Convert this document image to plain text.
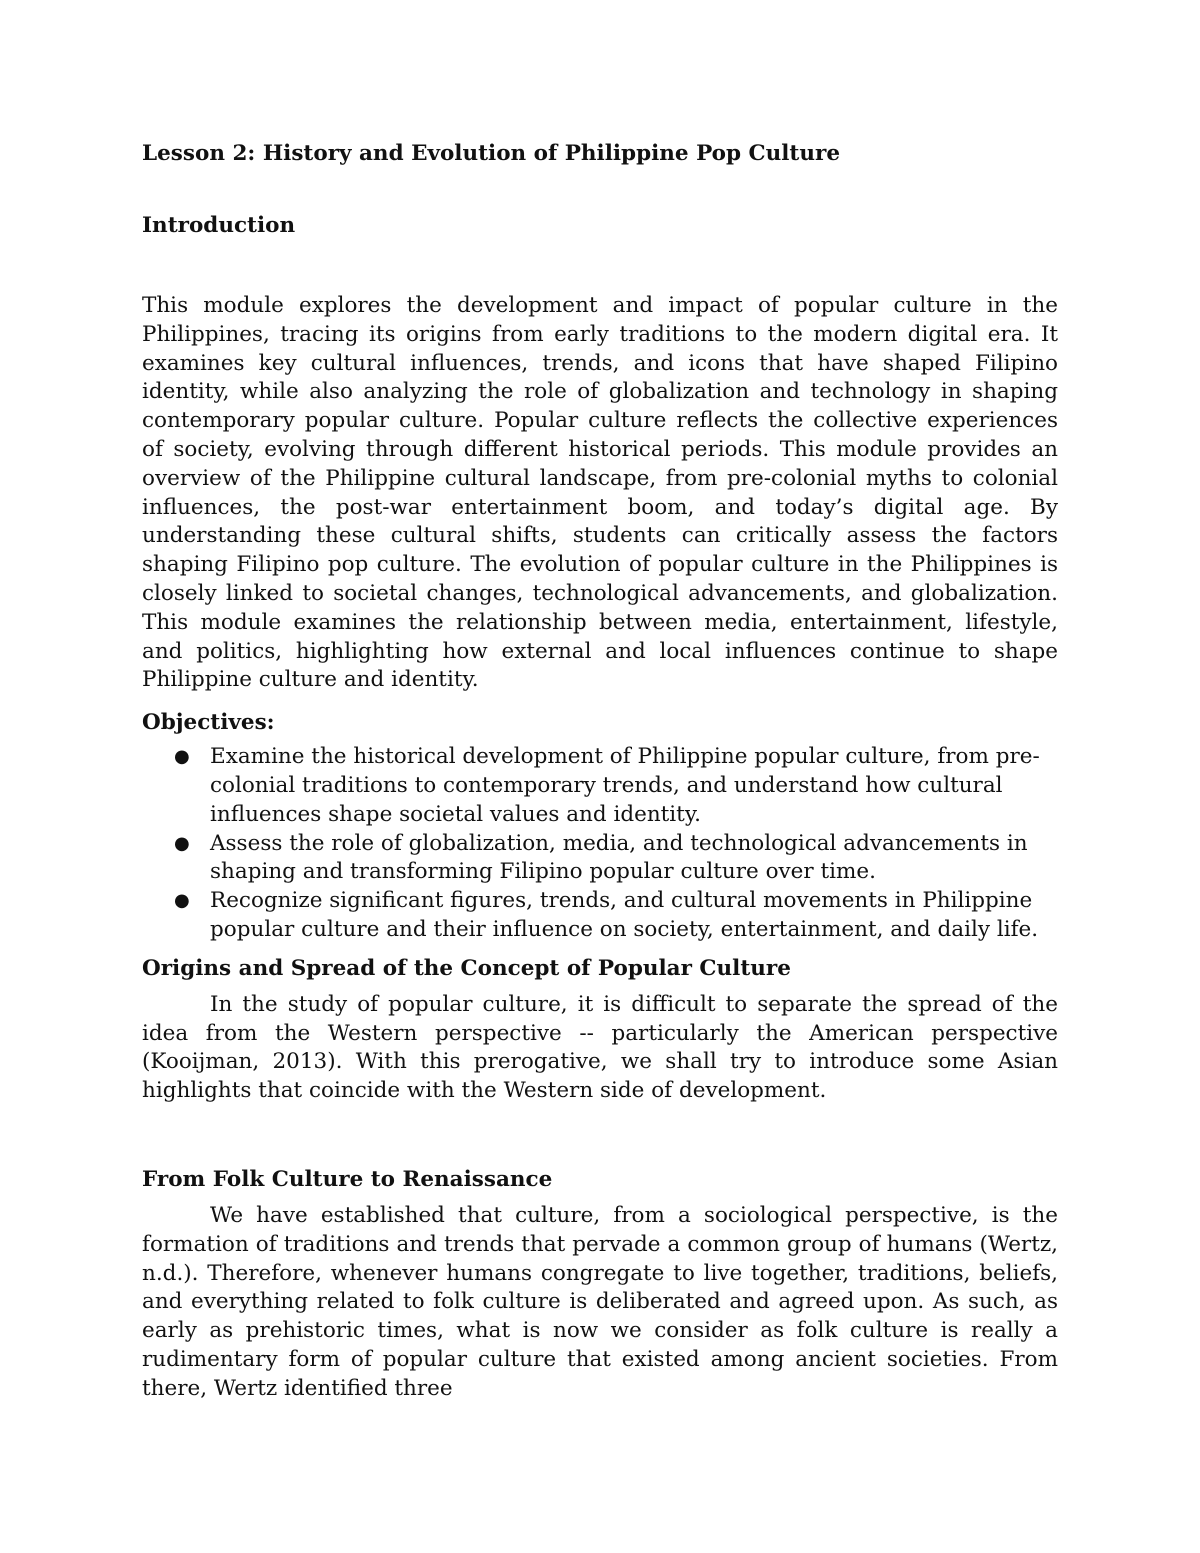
Lesson 2: History and Evolution of Philippine Pop Culture
Introduction

This module explores the development and impact of popular culture in the Philippines, tracing its origins from early traditions to the modern digital era. It examines key cultural influences, trends, and icons that have shaped Filipino identity, while also analyzing the role of globalization and technology in shaping contemporary popular culture. Popular culture reflects the collective experiences of society, evolving through different historical periods. This module provides an overview of the Philippine cultural landscape, from pre-colonial myths to colonial influences, the post-war entertainment boom, and today’s digital age. By understanding these cultural shifts, students can critically assess the factors shaping Filipino pop culture. The evolution of popular culture in the Philippines is closely linked to societal changes, technological advancements, and globalization. This module examines the relationship between media, entertainment, lifestyle, and politics, highlighting how external and local influences continue to shape Philippine culture and identity.

Objectives:
● Examine the historical development of Philippine popular culture, from pre-colonial traditions to contemporary trends, and understand how cultural influences shape societal values and identity.
● Assess the role of globalization, media, and technological advancements in shaping and transforming Filipino popular culture over time.
● Recognize significant figures, trends, and cultural movements in Philippine popular culture and their influence on society, entertainment, and daily life.
Origins and Spread of the Concept of Popular Culture

In the study of popular culture, it is difficult to separate the spread of the idea from the Western perspective -- particularly the American perspective (Kooijman, 2013). With this prerogative, we shall try to introduce some Asian highlights that coincide with the Western side of development.

From Folk Culture to Renaissance

We have established that culture, from a sociological perspective, is the formation of traditions and trends that pervade a common group of humans (Wertz, n.d.). Therefore, whenever humans congregate to live together, traditions, beliefs, and everything related to folk culture is deliberated and agreed upon. As such, as early as prehistoric times, what is now we consider as folk culture is really a rudimentary form of popular culture that existed among ancient societies. From there, Wertz identified three
